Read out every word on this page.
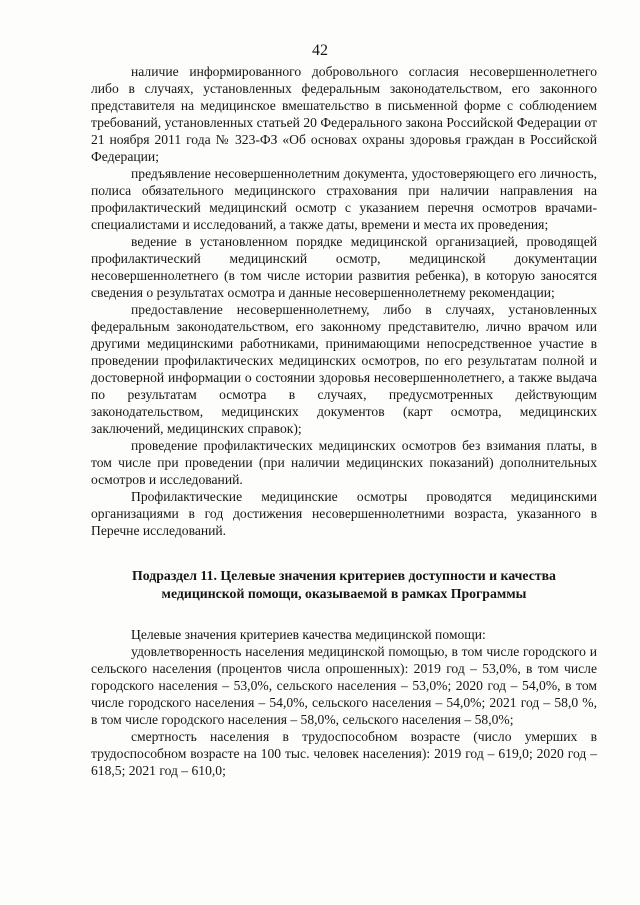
42

наличие информированного добровольного согласия несовершеннолетнего либо в случаях, установленных федеральным законодательством, его законного представителя на медицинское вмешательство в письменной форме с соблюдением требований, установленных статьей 20 Федерального закона Российской Федерации от 21 ноября 2011 года № 323-ФЗ «Об основах охраны здоровья граждан в Российской Федерации;

предъявление несовершеннолетним документа, удостоверяющего его личность, полиса обязательного медицинского страхования при наличии направления на профилактический медицинский осмотр с указанием перечня осмотров врачами-специалистами и исследований, а также даты, времени и места их проведения;

ведение в установленном порядке медицинской организацией, проводящей профилактический медицинский осмотр, медицинской документации несовершеннолетнего (в том числе истории развития ребенка), в которую заносятся сведения о результатах осмотра и данные несовершеннолетнему рекомендации;

предоставление несовершеннолетнему, либо в случаях, установленных федеральным законодательством, его законному представителю, лично врачом или другими медицинскими работниками, принимающими непосредственное участие в проведении профилактических медицинских осмотров, по его результатам полной и достоверной информации о состоянии здоровья несовершеннолетнего, а также выдача по результатам осмотра в случаях, предусмотренных действующим законодательством, медицинских документов (карт осмотра, медицинских заключений, медицинских справок);

проведение профилактических медицинских осмотров без взимания платы, в том числе при проведении (при наличии медицинских показаний) дополнительных осмотров и исследований.

Профилактические медицинские осмотры проводятся медицинскими организациями в год достижения несовершеннолетними возраста, указанного в Перечне исследований.

Подраздел 11. Целевые значения критериев доступности и качества медицинской помощи, оказываемой в рамках Программы

Целевые значения критериев качества медицинской помощи:

удовлетворенность населения медицинской помощью, в том числе городского и сельского населения (процентов числа опрошенных): 2019 год – 53,0%, в том числе городского населения – 53,0%, сельского населения – 53,0%; 2020 год – 54,0%, в том числе городского населения – 54,0%, сельского населения – 54,0%; 2021 год – 58,0 %, в том числе городского населения – 58,0%, сельского населения – 58,0%;

смертность населения в трудоспособном возрасте (число умерших в трудоспособном возрасте на 100 тыс. человек населения): 2019 год – 619,0; 2020 год – 618,5; 2021 год – 610,0;
